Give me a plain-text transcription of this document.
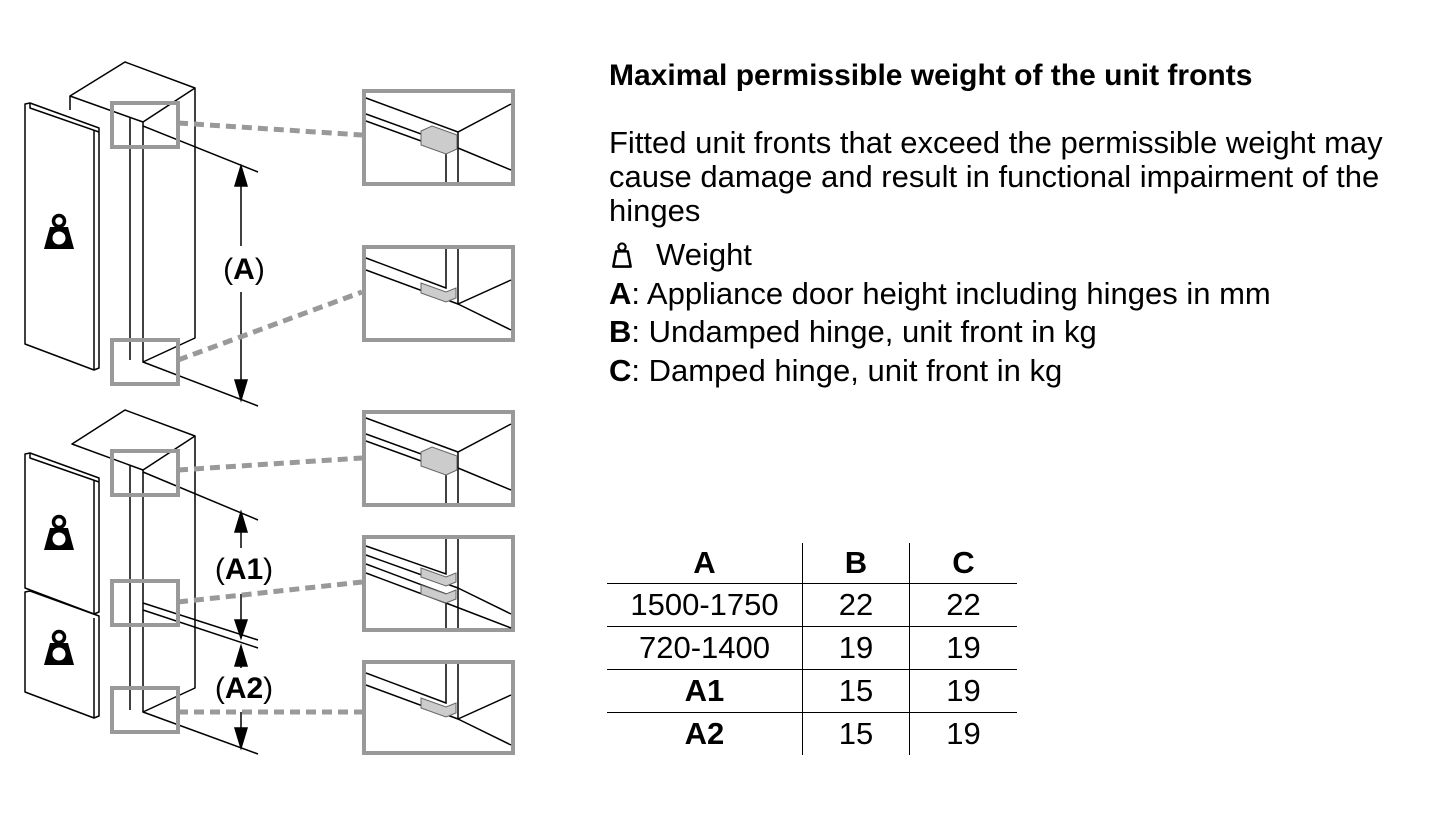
(A)
(A1)
(A2)
Maximal permissible weight of the unit fronts

Fitted unit fronts that exceed the permissible weight may cause damage and result in functional impairment of the hinges

Weight
A : Appliance door height including hinges in mm
B : Undamped hinge, unit front in kg
C : Damped hinge, unit front in kg
A	B	C
1500-1750	22	22
720-1400	19	19
A1	15	19
A2	15	19
